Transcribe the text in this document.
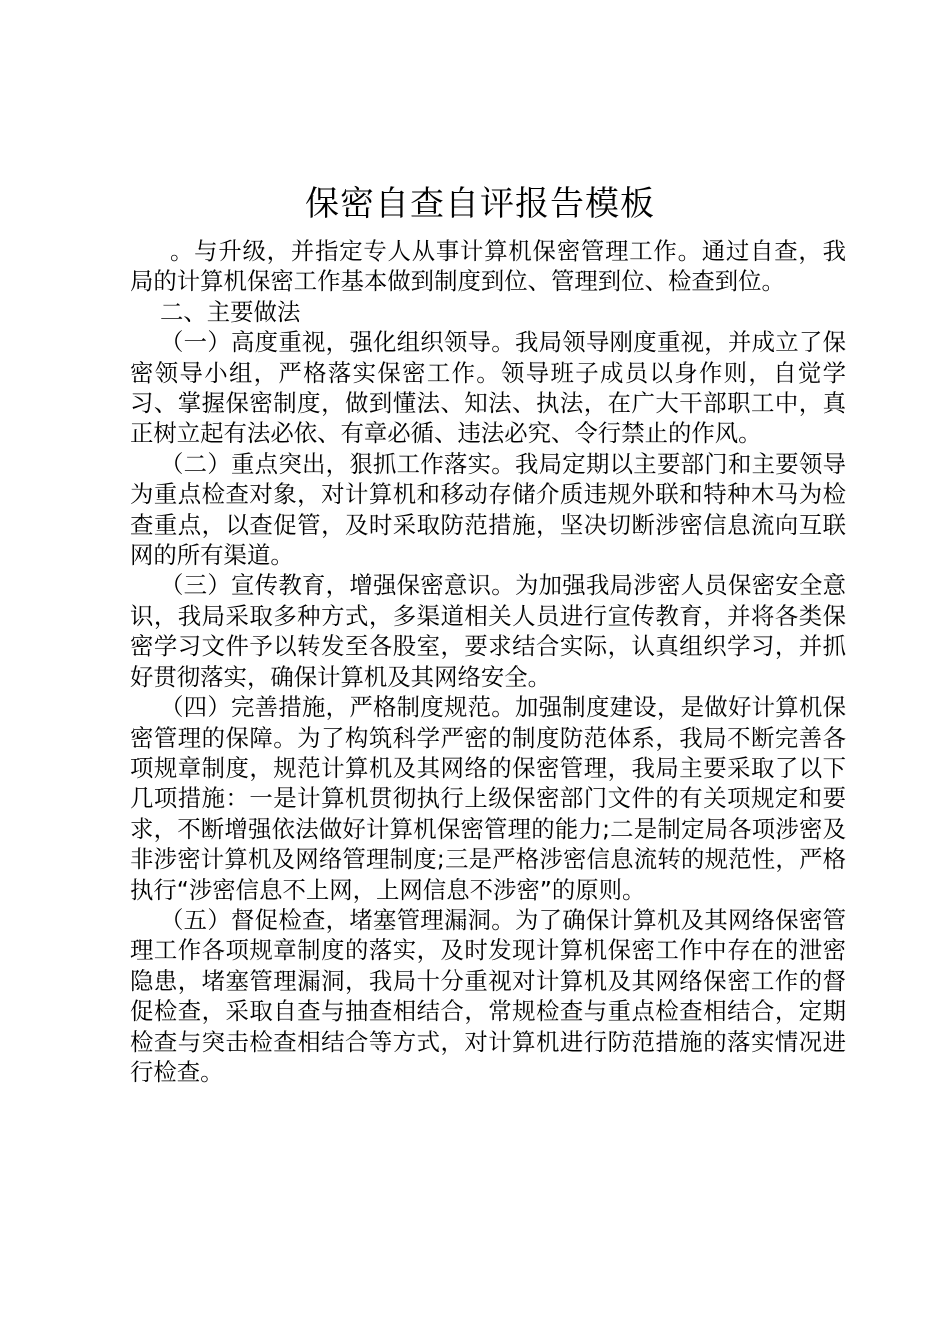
保密自查自评报告模板

。与升级，并指定专人从事计算机保密管理工作。通过自查，我局的计算机保密工作基本做到制度到位、管理到位、检查到位。

二、主要做法

（一）高度重视，强化组织领导。我局领导刚度重视，并成立了保密领导小组，严格落实保密工作。领导班子成员以身作则，自觉学习、掌握保密制度，做到懂法、知法、执法，在广大干部职工中，真正树立起有法必依、有章必循、违法必究、令行禁止的作风。

（二）重点突出，狠抓工作落实。我局定期以主要部门和主要领导为重点检查对象，对计算机和移动存储介质违规外联和特种木马为检查重点，以查促管，及时采取防范措施，坚决切断涉密信息流向互联网的所有渠道。

（三）宣传教育，增强保密意识。为加强我局涉密人员保密安全意识，我局采取多种方式，多渠道相关人员进行宣传教育，并将各类保密学习文件予以转发至各股室，要求结合实际，认真组织学习，并抓好贯彻落实，确保计算机及其网络安全。

（四）完善措施，严格制度规范。加强制度建设，是做好计算机保密管理的保障。为了构筑科学严密的制度防范体系，我局不断完善各项规章制度，规范计算机及其网络的保密管理，我局主要采取了以下几项措施：一是计算机贯彻执行上级保密部门文件的有关项规定和要求，不断增强依法做好计算机保密管理的能力;二是制定局各项涉密及非涉密计算机及网络管理制度;三是严格涉密信息流转的规范性，严格执行“涉密信息不上网，上网信息不涉密”的原则。

（五）督促检查，堵塞管理漏洞。为了确保计算机及其网络保密管理工作各项规章制度的落实，及时发现计算机保密工作中存在的泄密隐患，堵塞管理漏洞，我局十分重视对计算机及其网络保密工作的督促检查，采取自查与抽查相结合，常规检查与重点检查相结合，定期检查与突击检查相结合等方式，对计算机进行防范措施的落实情况进行检查。
